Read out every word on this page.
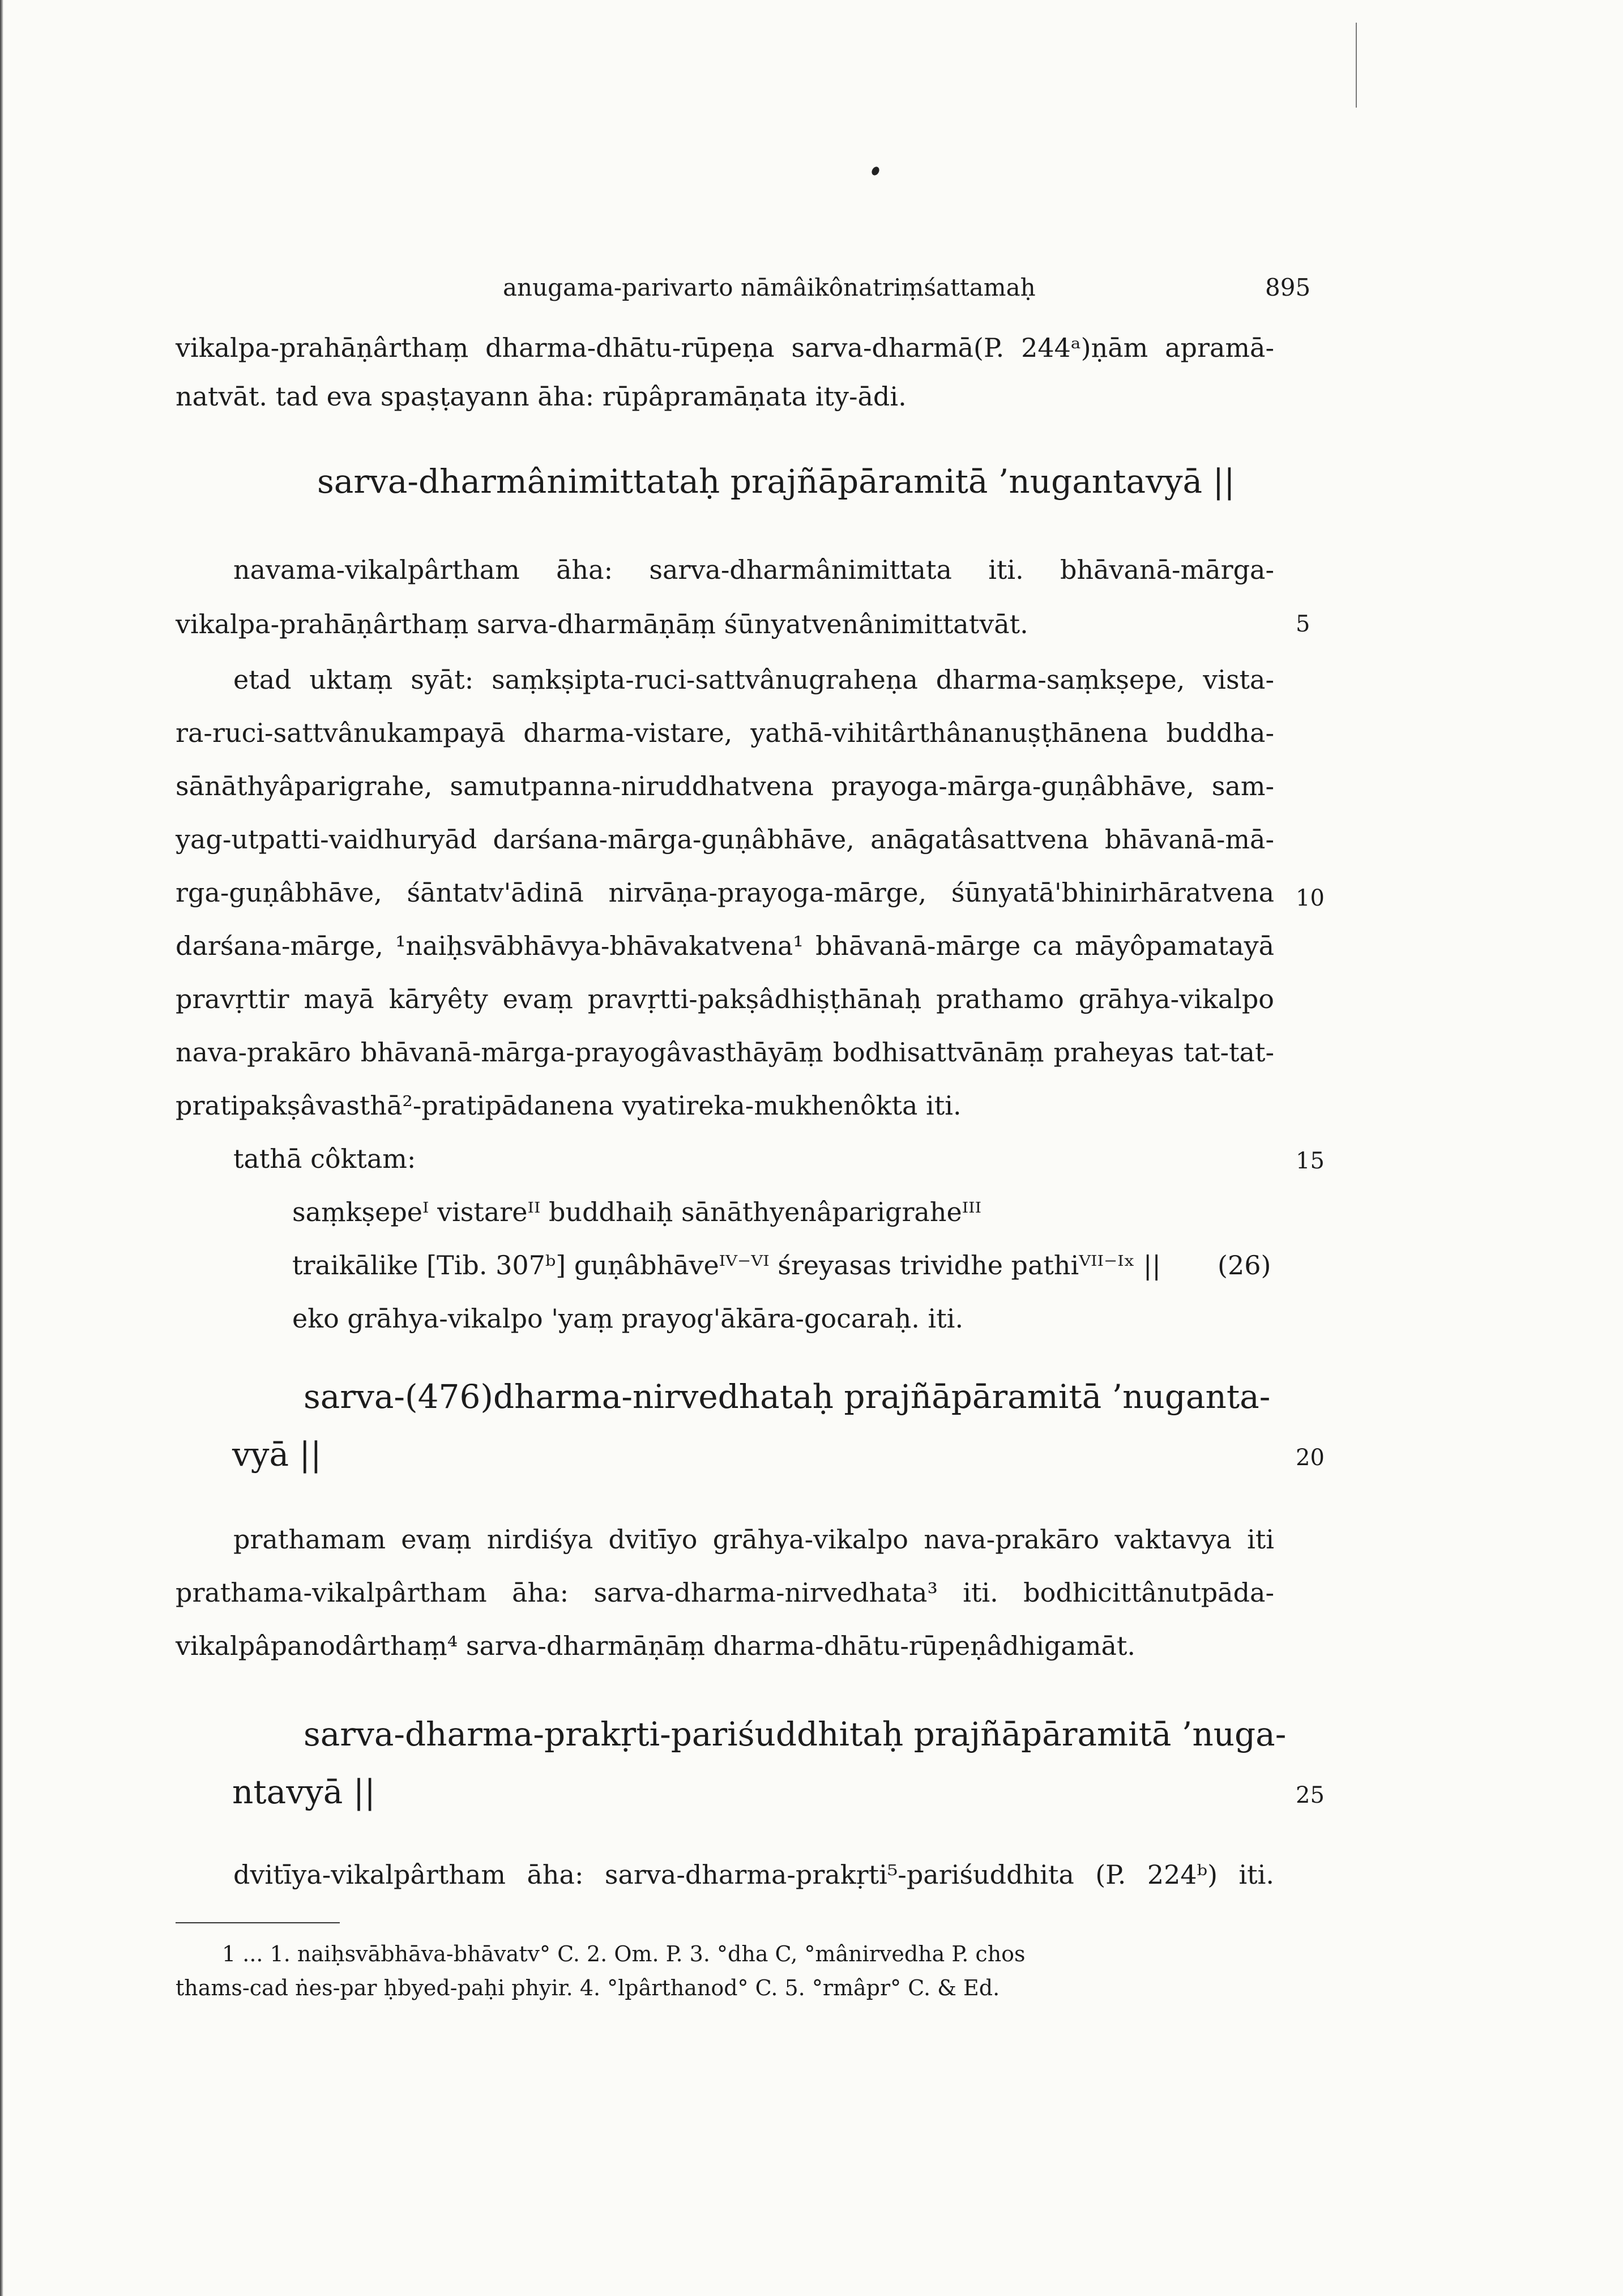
anugama-parivarto nāmâikônatriṃśattamaḥ	895
vikalpa-prahāṇârthaṃ dharma-dhātu-rūpeṇa sarva-dharmā(P. 244ᵃ)ṇām apramā-
natvāt. tad eva spaṣṭayann āha: rūpâpramāṇata ity-ādi.
sarva-dharmânimittataḥ prajñāpāramitā ’nugantavyā ||
navama-vikalpârtham āha: sarva-dharmânimittata iti. bhāvanā-mārga-
vikalpa-prahāṇârthaṃ sarva-dharmāṇāṃ śūnyatvenânimittatvāt.	5
etad uktaṃ syāt: saṃkṣipta-ruci-sattvânugraheṇa dharma-saṃkṣepe, vista-
ra-ruci-sattvânukampayā dharma-vistare, yathā-vihitârthânanuṣṭhānena buddha-
sānāthyâparigrahe, samutpanna-niruddhatvena prayoga-mārga-guṇâbhāve, sam-
yag-utpatti-vaidhuryād darśana-mārga-guṇâbhāve, anāgatâsattvena bhāvanā-mā-
rga-guṇâbhāve, śāntatv'ādinā nirvāṇa-prayoga-mārge, śūnyatā'bhinirhāratvena 10
darśana-mārge, ¹naiḥsvābhāvya-bhāvakatvena¹ bhāvanā-mārge ca māyôpamatayā
pravṛttir mayā kāryêty evaṃ pravṛtti-pakṣâdhiṣṭhānaḥ prathamo grāhya-vikalpo
nava-prakāro bhāvanā-mārga-prayogâvasthāyāṃ bodhisattvānāṃ praheyas tat-tat-
pratipakṣâvasthā²-pratipādanena vyatireka-mukhenôkta iti.
tathā côktam:	15
saṃkṣepeᴵ vistareᴵᴵ buddhaiḥ sānāthyenâparigraheᴵᴵᴵ
traikālike [Tib. 307ᵇ] guṇâbhāveᴵⱽ⁻ⱽᴵ śreyasas trividhe pathiⱽᴵᴵ⁻ᴵˣ || (26)
eko grāhya-vikalpo 'yaṃ prayog'ākāra-gocaraḥ. iti.
sarva-(476)dharma-nirvedhataḥ prajñāpāramitā ’nuganta-
vyā ||	20
prathamam evaṃ nirdiśya dvitīyo grāhya-vikalpo nava-prakāro vaktavya iti
prathama-vikalpârtham āha: sarva-dharma-nirvedhata³ iti. bodhicittânutpāda-
vikalpâpanodârthaṃ⁴ sarva-dharmāṇāṃ dharma-dhātu-rūpeṇâdhigamāt.
sarva-dharma-prakṛti-pariśuddhitaḥ prajñāpāramitā ’nuga-
ntavyā ||	25
dvitīya-vikalpârtham āha: sarva-dharma-prakṛti⁵-pariśuddhita (P. 224ᵇ) iti.
1 ... 1. naiḥsvābhāva-bhāvatv° C. 2. Om. P. 3. °dha C, °mânirvedha P. chos
thams-cad ṅes-par ḥbyed-paḥi phyir. 4. °lpârthanod° C. 5. °rmâpr° C. & Ed.
